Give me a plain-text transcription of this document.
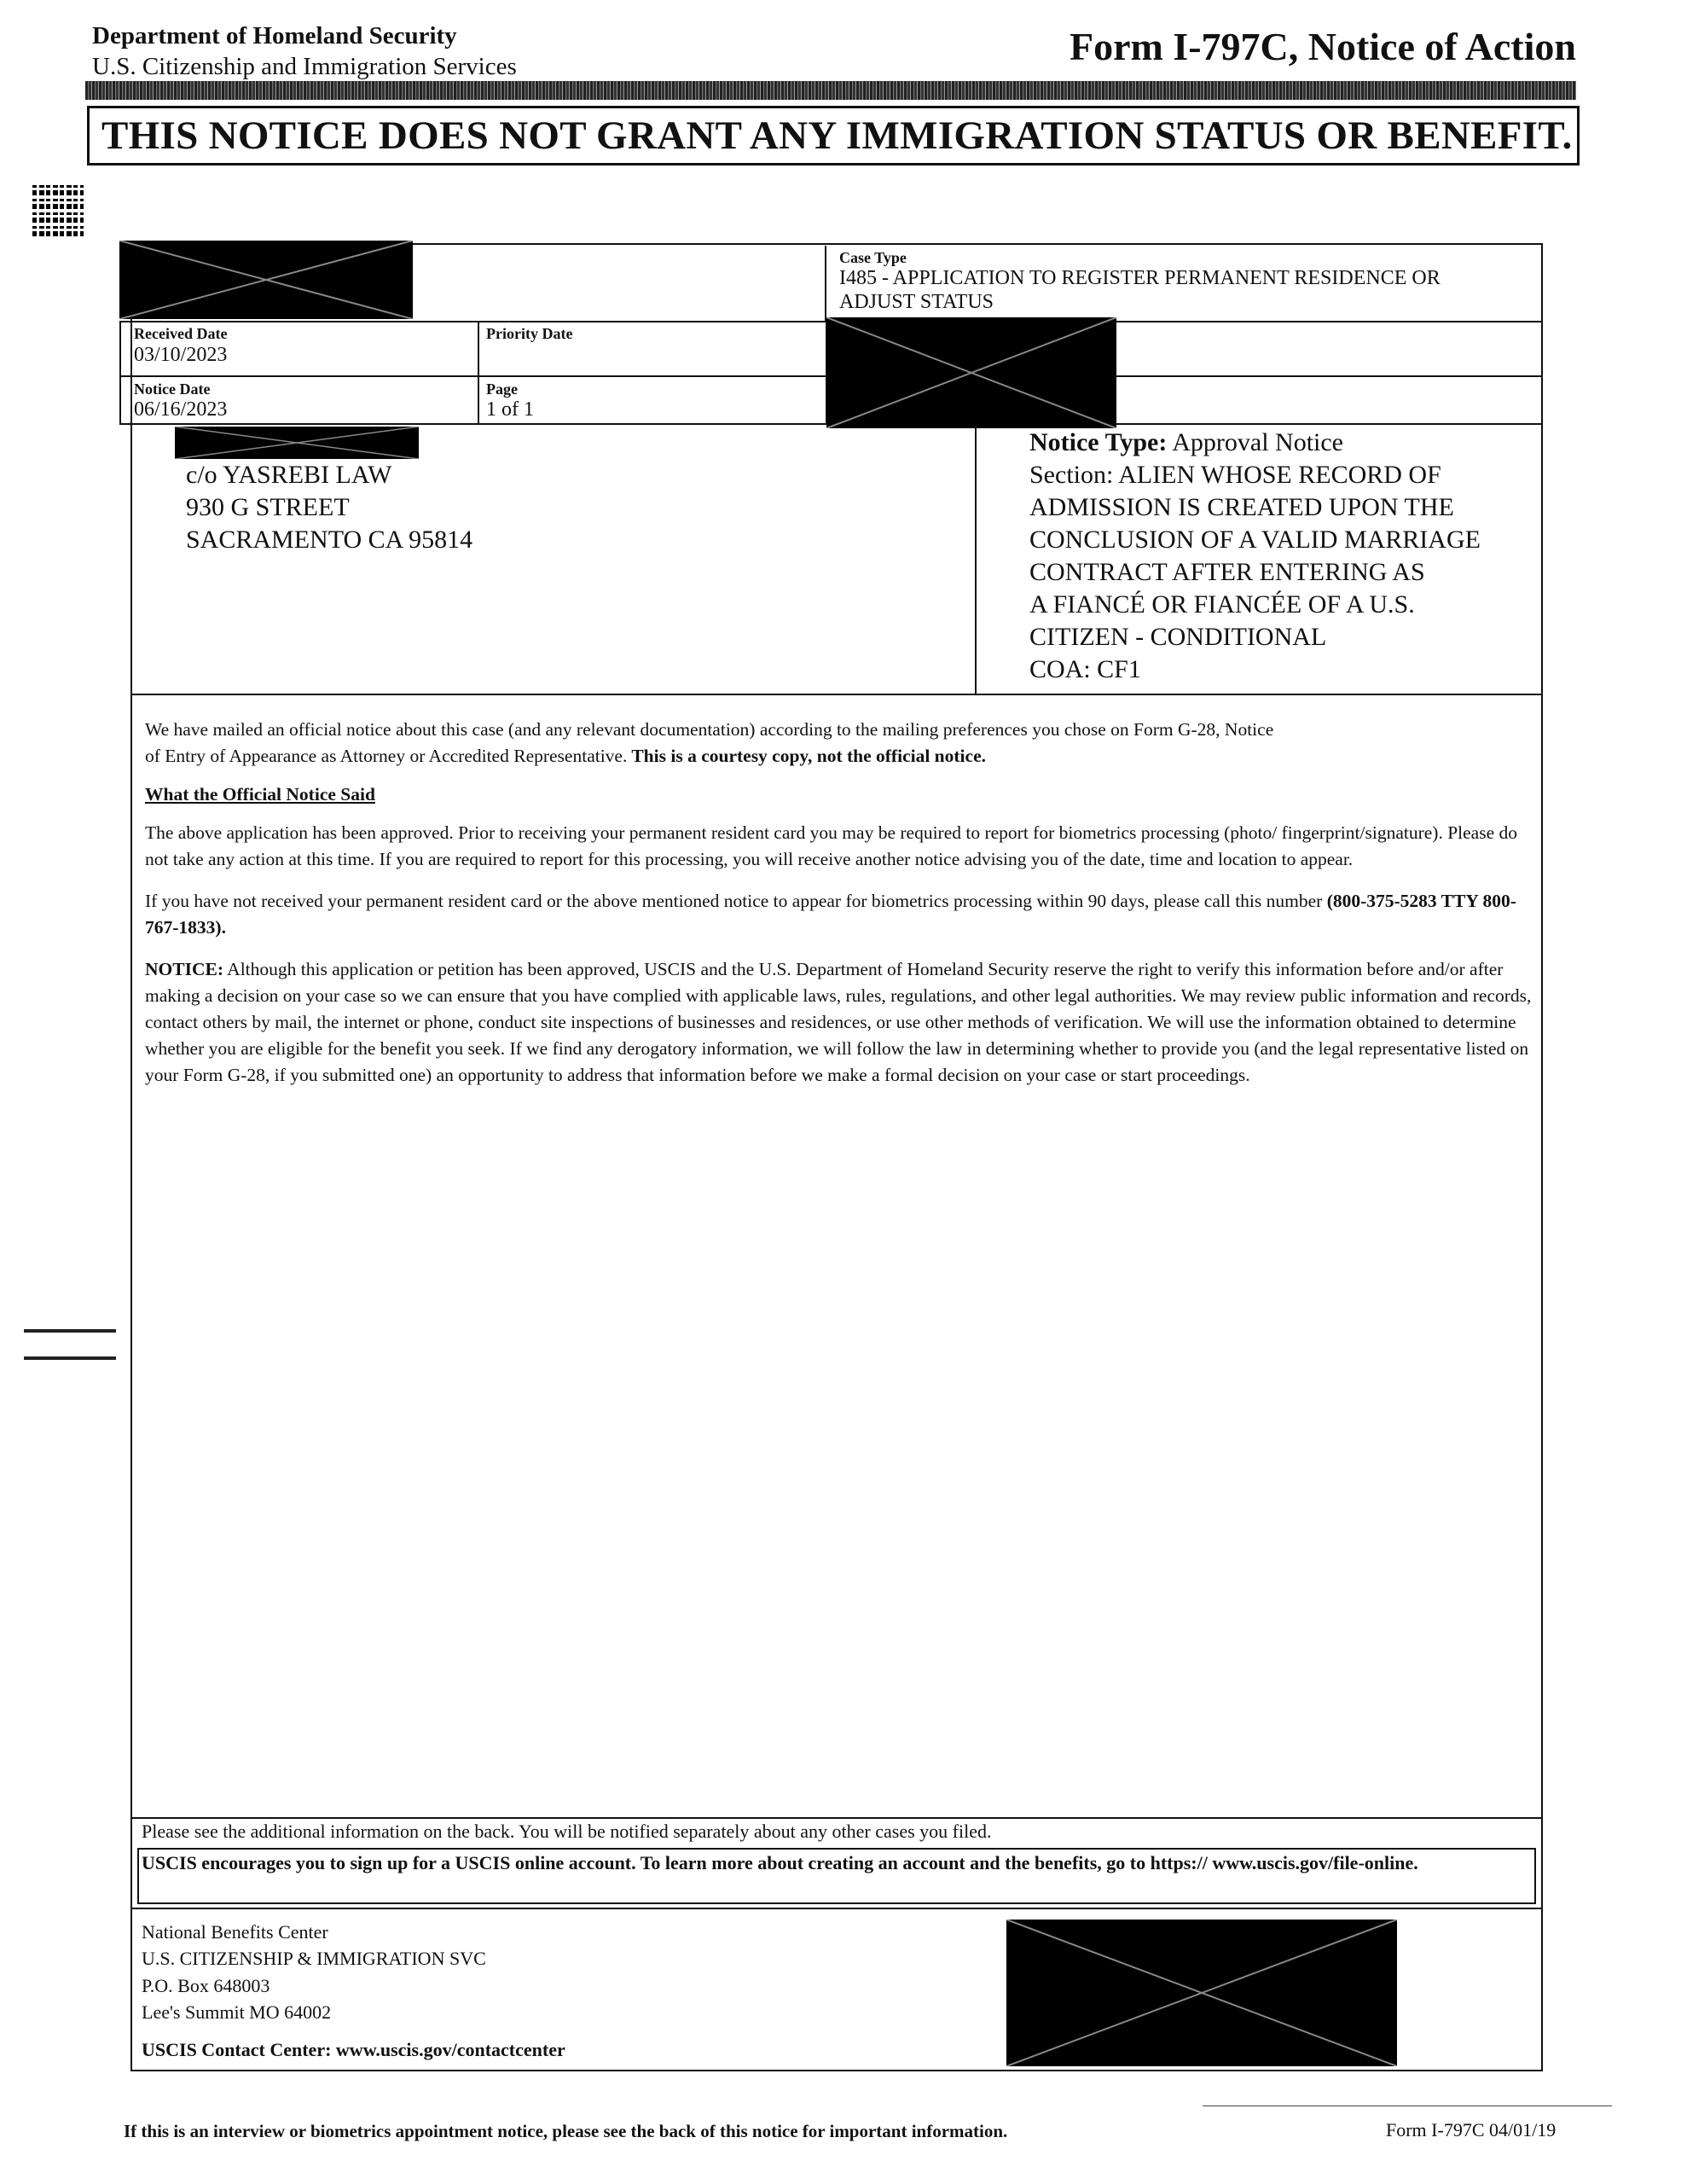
Department of Homeland Security
U.S. Citizenship and Immigration Services	Form I-797C, Notice of Action
THIS NOTICE DOES NOT GRANT ANY IMMIGRATION STATUS OR BENEFIT.
Case Type
I485 - APPLICATION TO REGISTER PERMANENT RESIDENCE OR
ADJUST STATUS
Received Date
03/10/2023
Priority Date
Notice Date
06/16/2023
Page
1 of 1
c/o YASREBI LAW
930 G STREET
SACRAMENTO CA 95814
Notice Type: Approval Notice
Section: ALIEN WHOSE RECORD OF
ADMISSION IS CREATED UPON THE
CONCLUSION OF A VALID MARRIAGE
CONTRACT AFTER ENTERING AS
A FIANCÉ OR FIANCÉE OF A U.S.
CITIZEN - CONDITIONAL
COA: CF1

We have mailed an official notice about this case (and any relevant documentation) according to the mailing preferences you chose on Form G-28, Notice
of Entry of Appearance as Attorney or Accredited Representative. This is a courtesy copy, not the official notice.

What the Official Notice Said

The above application has been approved. Prior to receiving your permanent resident card you may be required to report for biometrics processing (photo/ fingerprint/signature). Please do not take any action at this time. If you are required to report for this processing, you will receive another notice advising you of the date, time and location to appear.

If you have not received your permanent resident card or the above mentioned notice to appear for biometrics processing within 90 days, please call this number (800-375-5283 TTY 800-767-1833).

NOTICE: Although this application or petition has been approved, USCIS and the U.S. Department of Homeland Security reserve the right to verify this information before and/or after making a decision on your case so we can ensure that you have complied with applicable laws, rules, regulations, and other legal authorities. We may review public information and records, contact others by mail, the internet or phone, conduct site inspections of businesses and residences, or use other methods of verification. We will use the information obtained to determine whether you are eligible for the benefit you seek. If we find any derogatory information, we will follow the law in determining whether to provide you (and the legal representative listed on your Form G-28, if you submitted one) an opportunity to address that information before we make a formal decision on your case or start proceedings.

Please see the additional information on the back. You will be notified separately about any other cases you filed.
USCIS encourages you to sign up for a USCIS online account. To learn more about creating an account and the benefits, go to https:// www.uscis.gov/file-online.
National Benefits Center
U.S. CITIZENSHIP & IMMIGRATION SVC
P.O. Box 648003
Lee's Summit MO 64002
USCIS Contact Center: www.uscis.gov/contactcenter
If this is an interview or biometrics appointment notice, please see the back of this notice for important information.	Form I-797C 04/01/19
